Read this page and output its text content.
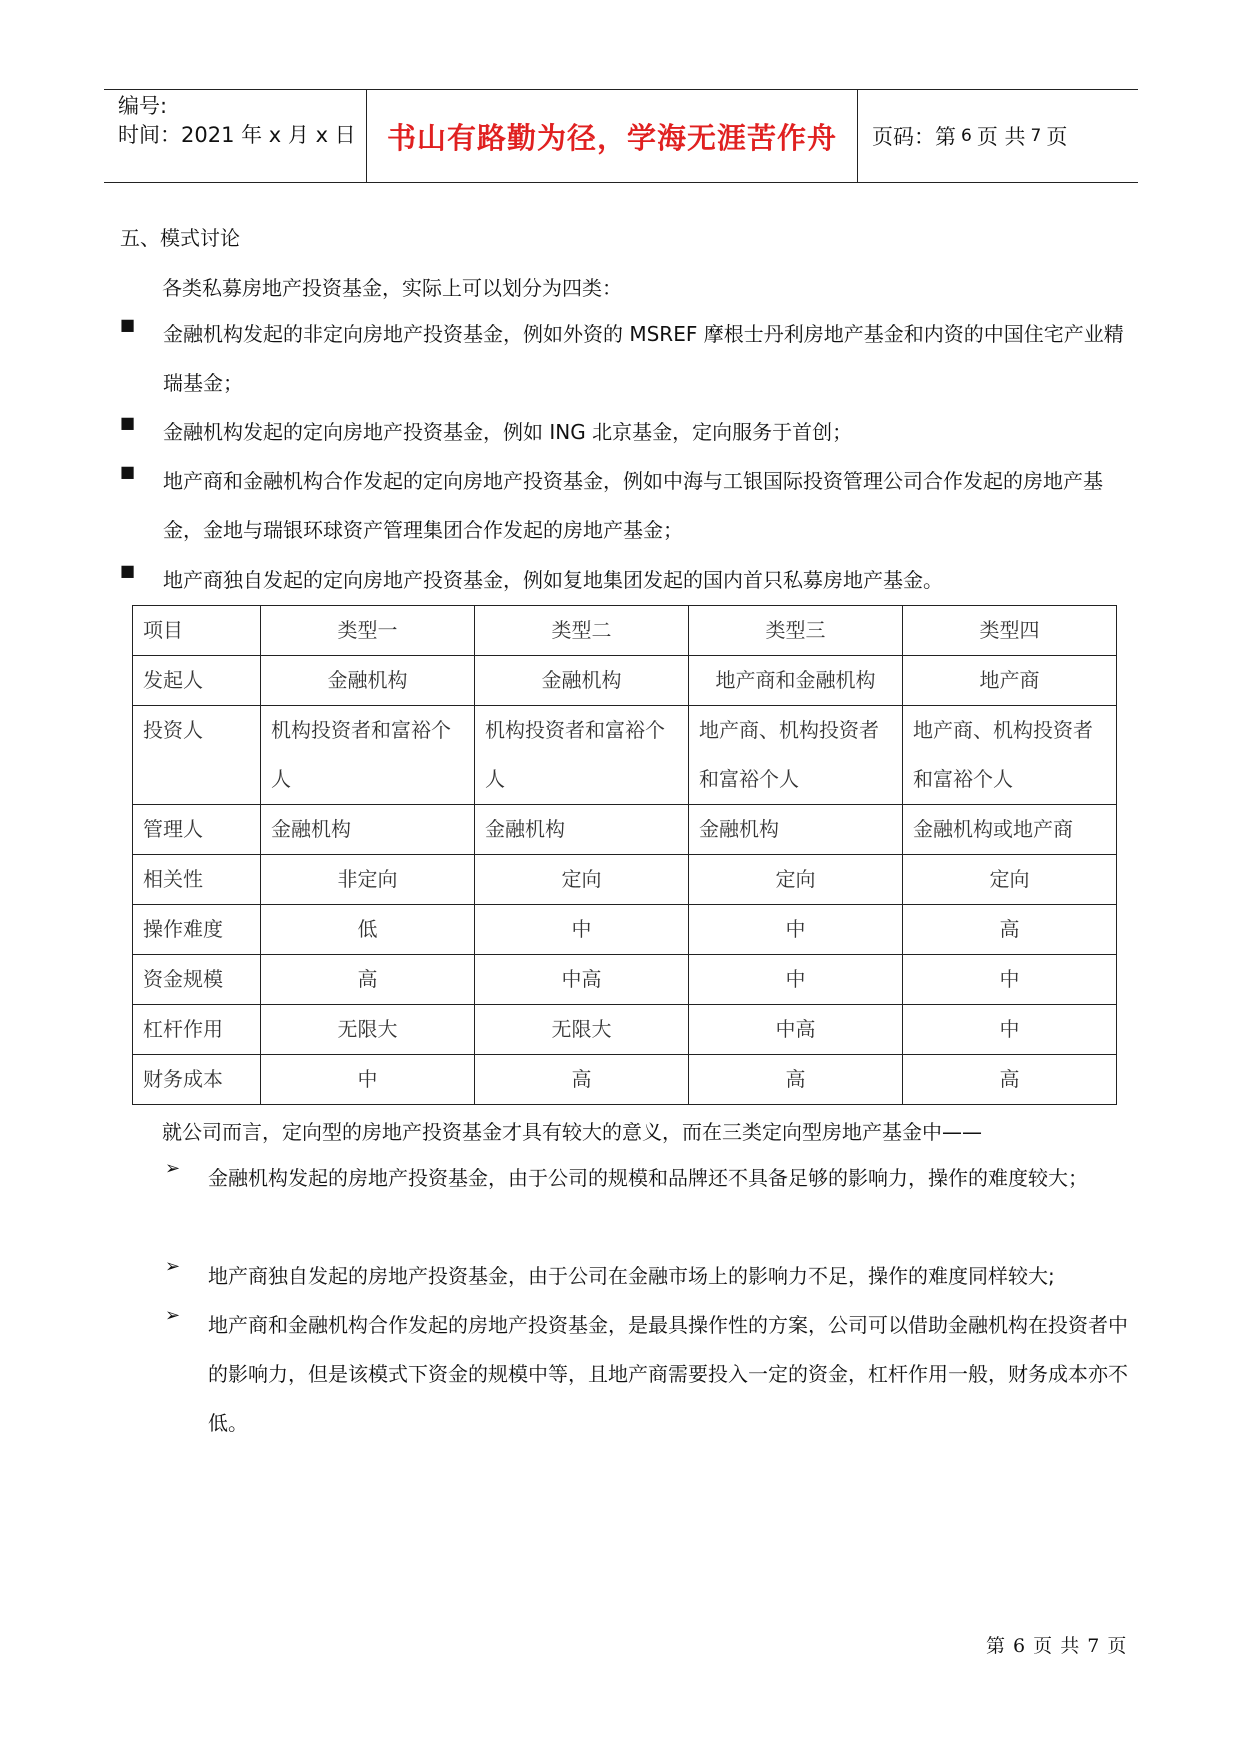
编号:
时间：2021 年 x 月 x 日	书山有路勤为径，学海无涯苦作舟	页码：第 6 页 共 7 页
五、模式讨论
各类私募房地产投资基金，实际上可以划分为四类：
■
金融机构发起的非定向房地产投资基金，例如外资的 MSREF 摩根士丹利房地产基金和内资的中国住宅产业精瑞基金；
■
金融机构发起的定向房地产投资基金，例如 ING 北京基金，定向服务于首创；
■
地产商和金融机构合作发起的定向房地产投资基金，例如中海与工银国际投资管理公司合作发起的房地产基金，金地与瑞银环球资产管理集团合作发起的房地产基金；
■
地产商独自发起的定向房地产投资基金，例如复地集团发起的国内首只私募房地产基金。
项目	类型一	类型二	类型三	类型四
发起人	金融机构	金融机构	地产商和金融机构	地产商
投资人	机构投资者和富裕个人	机构投资者和富裕个人	地产商、机构投资者和富裕个人	地产商、机构投资者和富裕个人
管理人	金融机构	金融机构	金融机构	金融机构或地产商
相关性	非定向	定向	定向	定向
操作难度	低	中	中	高
资金规模	高	中高	中	中
杠杆作用	无限大	无限大	中高	中
财务成本	中	高	高	高
就公司而言，定向型的房地产投资基金才具有较大的意义，而在三类定向型房地产基金中——
➢
金融机构发起的房地产投资基金，由于公司的规模和品牌还不具备足够的影响力，操作的难度较大；
➢
地产商独自发起的房地产投资基金，由于公司在金融市场上的影响力不足，操作的难度同样较大;
➢
地产商和金融机构合作发起的房地产投资基金，是最具操作性的方案，公司可以借助金融机构在投资者中的影响力，但是该模式下资金的规模中等，且地产商需要投入一定的资金，杠杆作用一般，财务成本亦不低。
第 6 页 共 7 页
